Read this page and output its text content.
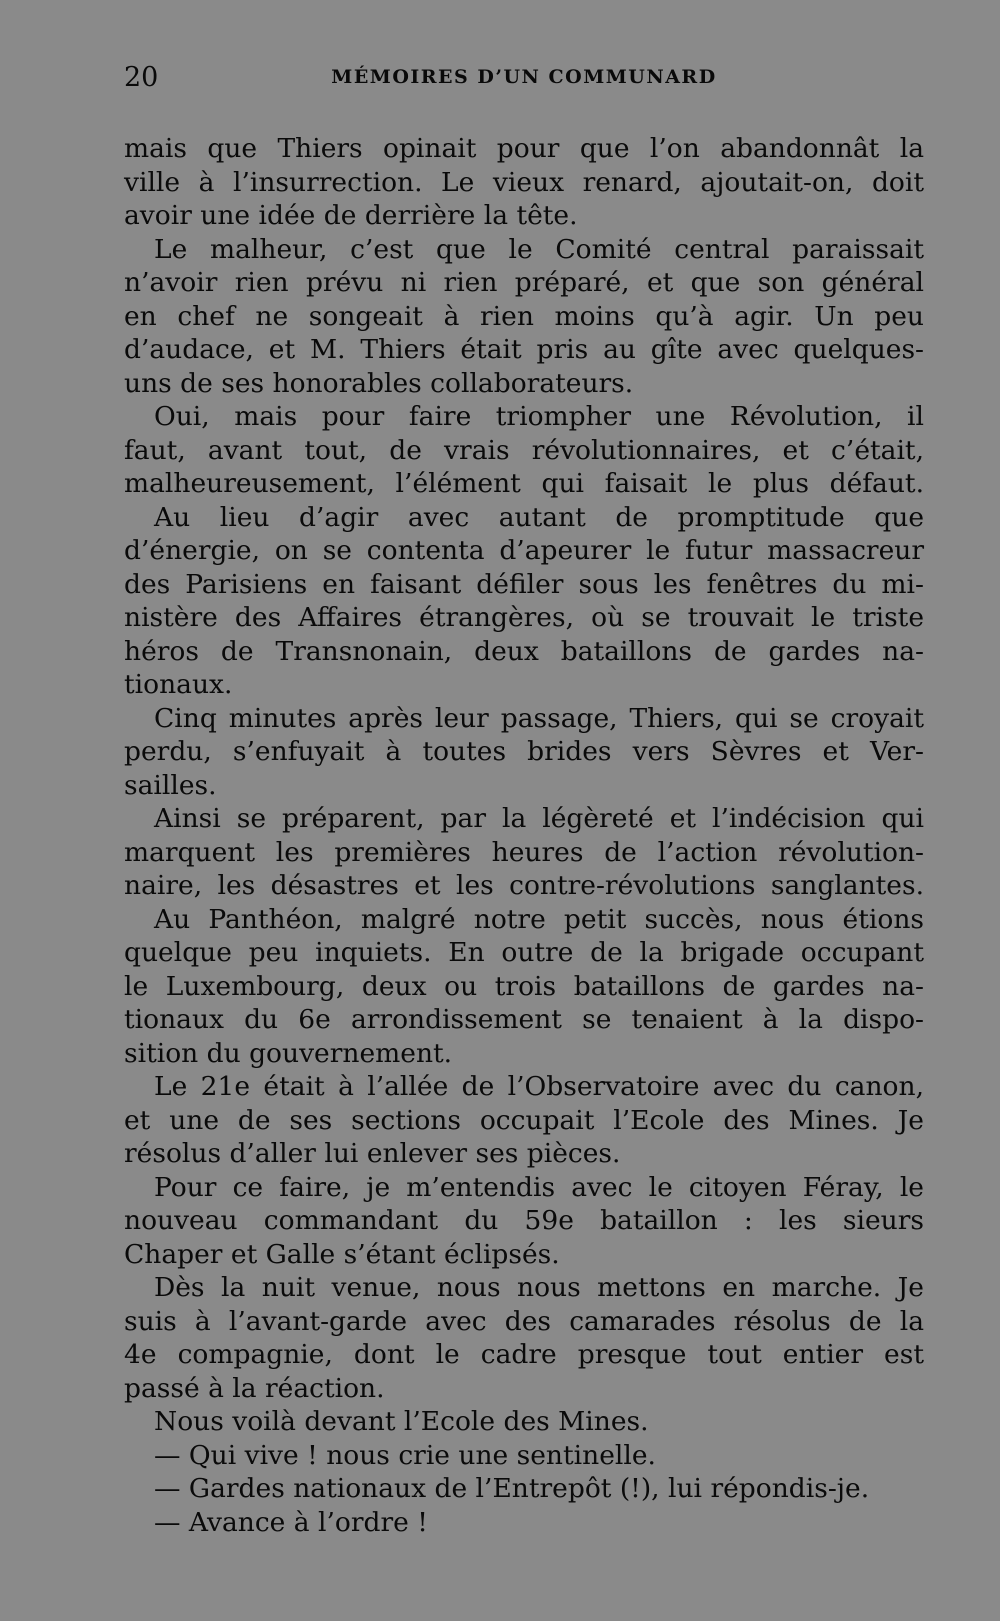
20	MÉMOIRES D’UN COMMUNARD
mais que Thiers opinait pour que l’on abandonnât la
ville à l’insurrection. Le vieux renard, ajoutait-on, doit
avoir une idée de derrière la tête.
Le malheur, c’est que le Comité central paraissait
n’avoir rien prévu ni rien préparé, et que son général
en chef ne songeait à rien moins qu’à agir. Un peu
d’audace, et M. Thiers était pris au gîte avec quelques-
uns de ses honorables collaborateurs.
Oui, mais pour faire triompher une Révolution, il
faut, avant tout, de vrais révolutionnaires, et c’était,
malheureusement, l’élément qui faisait le plus défaut.
Au lieu d’agir avec autant de promptitude que
d’énergie, on se contenta d’apeurer le futur massacreur
des Parisiens en faisant défiler sous les fenêtres du mi-
nistère des Affaires étrangères, où se trouvait le triste
héros de Transnonain, deux bataillons de gardes na-
tionaux.
Cinq minutes après leur passage, Thiers, qui se croyait
perdu, s’enfuyait à toutes brides vers Sèvres et Ver-
sailles.
Ainsi se préparent, par la légèreté et l’indécision qui
marquent les premières heures de l’action révolution-
naire, les désastres et les contre-révolutions sanglantes.
Au Panthéon, malgré notre petit succès, nous étions
quelque peu inquiets. En outre de la brigade occupant
le Luxembourg, deux ou trois bataillons de gardes na-
tionaux du 6e arrondissement se tenaient à la dispo-
sition du gouvernement.
Le 21e était à l’allée de l’Observatoire avec du canon,
et une de ses sections occupait l’Ecole des Mines. Je
résolus d’aller lui enlever ses pièces.
Pour ce faire, je m’entendis avec le citoyen Féray, le
nouveau commandant du 59e bataillon : les sieurs
Chaper et Galle s’étant éclipsés.
Dès la nuit venue, nous nous mettons en marche. Je
suis à l’avant-garde avec des camarades résolus de la
4e compagnie, dont le cadre presque tout entier est
passé à la réaction.
Nous voilà devant l’Ecole des Mines.
— Qui vive ! nous crie une sentinelle.
— Gardes nationaux de l’Entrepôt (!), lui répondis-je.
— Avance à l’ordre !
